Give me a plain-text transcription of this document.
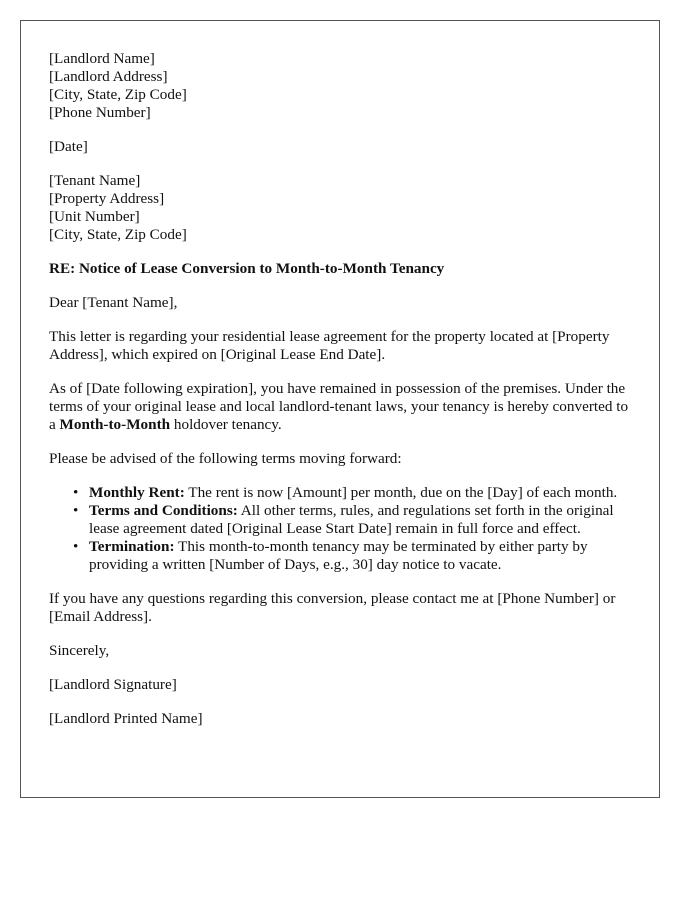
[Landlord Name]
[Landlord Address]
[City, State, Zip Code]
[Phone Number]

[Date]

[Tenant Name]
[Property Address]
[Unit Number]
[City, State, Zip Code]

RE: Notice of Lease Conversion to Month-to-Month Tenancy

Dear [Tenant Name],

This letter is regarding your residential lease agreement for the property located at [Property Address], which expired on [Original Lease End Date].

As of [Date following expiration], you have remained in possession of the premises. Under the terms of your original lease and local landlord-tenant laws, your tenancy is hereby converted to a Month-to-Month holdover tenancy.

Please be advised of the following terms moving forward:

• Monthly Rent: The rent is now [Amount] per month, due on the [Day] of each month.
• Terms and Conditions: All other terms, rules, and regulations set forth in the original lease agreement dated [Original Lease Start Date] remain in full force and effect.
• Termination: This month-to-month tenancy may be terminated by either party by providing a written [Number of Days, e.g., 30] day notice to vacate.

If you have any questions regarding this conversion, please contact me at [Phone Number] or [Email Address].

Sincerely,

[Landlord Signature]

[Landlord Printed Name]
